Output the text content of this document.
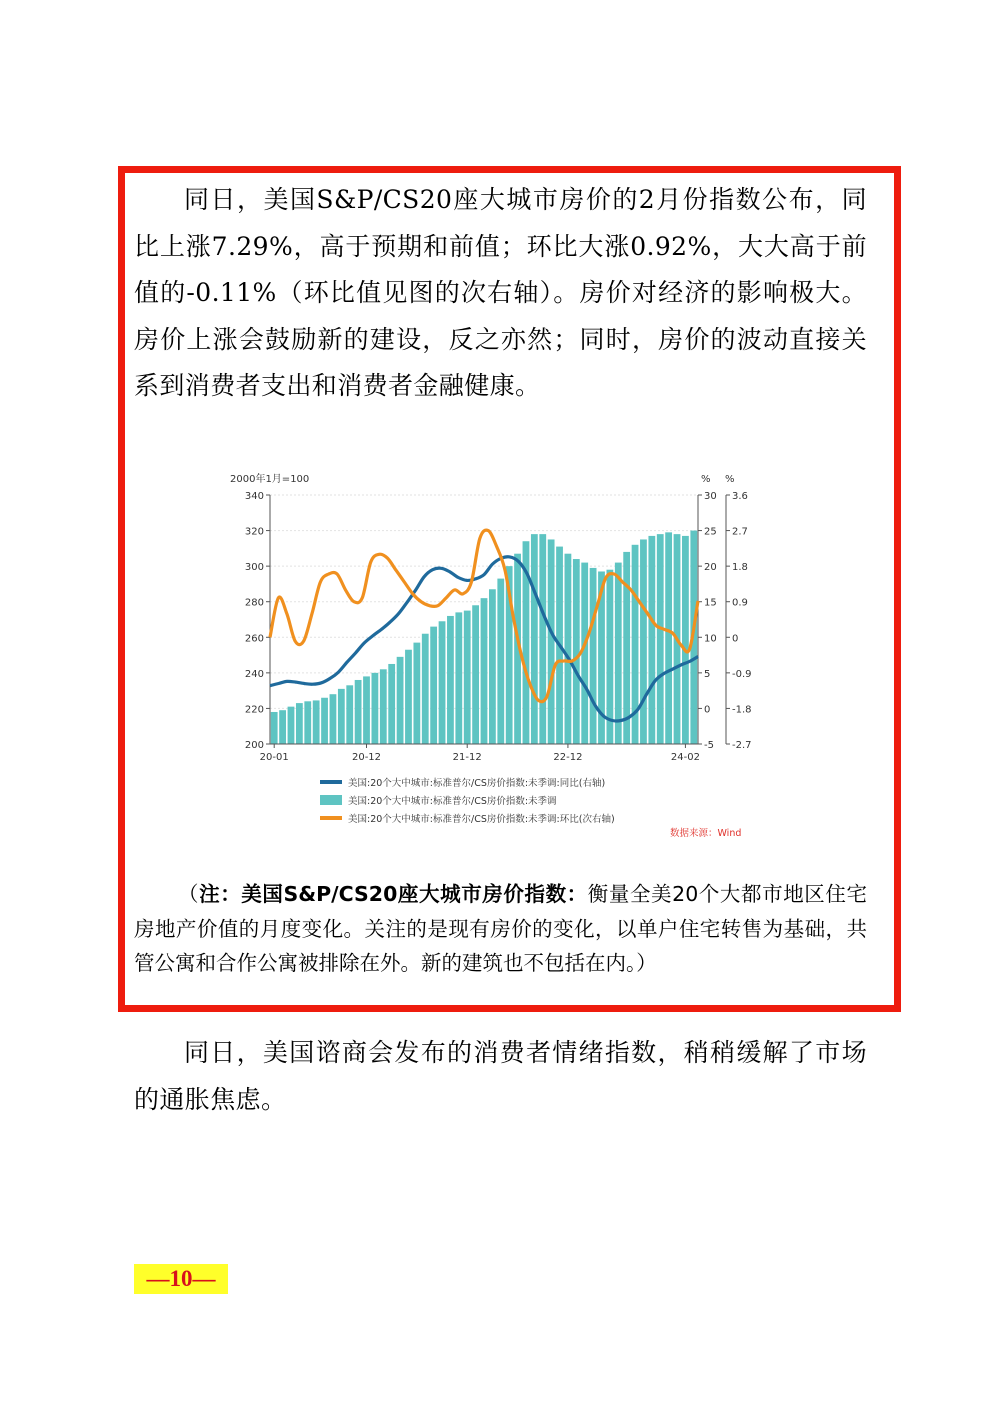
同日，美国S&P/CS20座大城市房价的2月份指数公布，同比上涨7.29%，高于预期和前值；环比大涨0.92%，大大高于前值的-0.11%（环比值见图的次右轴）。房价对经济的影响极大。房价上涨会鼓励新的建设，反之亦然；同时，房价的波动直接关系到消费者支出和消费者金融健康。

2000年1月=100	% %
340
320
300
280
260
240
220
200
30
25
20
15
10
5
0
-5
3.6
2.7
1.8
0.9
0
-0.9
-1.8
-2.7
20-01	20-12	21-12	22-12	24-02
美国:20个大中城市:标准普尔/CS房价指数:未季调:同比(右轴)
美国:20个大中城市:标准普尔/CS房价指数:未季调
美国:20个大中城市:标准普尔/CS房价指数:未季调:环比(次右轴)
数据来源：Wind

（注：美国S&P/CS20座大城市房价指数：衡量全美20个大都市地区住宅房地产价值的月度变化。关注的是现有房价的变化，以单户住宅转售为基础，共管公寓和合作公寓被排除在外。新的建筑也不包括在内。）

同日，美国谘商会发布的消费者情绪指数，稍稍缓解了市场的通胀焦虑。

—10—
